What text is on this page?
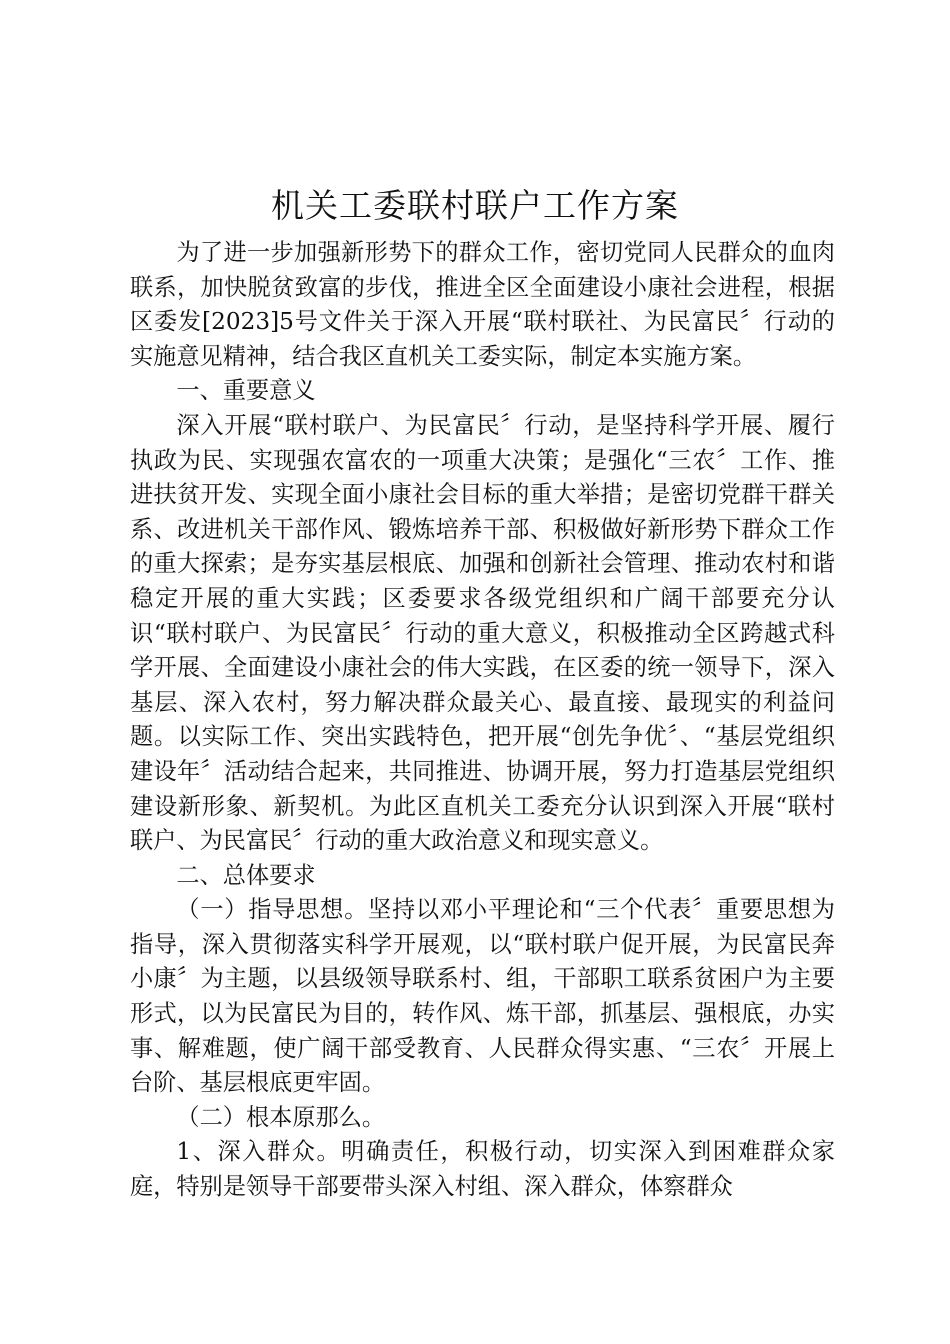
机关工委联村联户工作方案

为了进一步加强新形势下的群众工作，密切党同人民群众的血肉联系，加快脱贫致富的步伐，推进全区全面建设小康社会进程，根据区委发[2023]5号文件关于深入开展“联村联社、为民富民〞行动的实施意见精神，结合我区直机关工委实际，制定本实施方案。

一、重要意义

深入开展“联村联户、为民富民〞行动，是坚持科学开展、履行执政为民、实现强农富农的一项重大决策；是强化“三农〞工作、推进扶贫开发、实现全面小康社会目标的重大举措；是密切党群干群关系、改进机关干部作风、锻炼培养干部、积极做好新形势下群众工作的重大探索；是夯实基层根底、加强和创新社会管理、推动农村和谐稳定开展的重大实践；区委要求各级党组织和广阔干部要充分认识“联村联户、为民富民〞行动的重大意义，积极推动全区跨越式科学开展、全面建设小康社会的伟大实践，在区委的统一领导下，深入基层、深入农村，努力解决群众最关心、最直接、最现实的利益问题。以实际工作、突出实践特色，把开展“创先争优〞、“基层党组织建设年〞活动结合起来，共同推进、协调开展，努力打造基层党组织建设新形象、新契机。为此区直机关工委充分认识到深入开展“联村联户、为民富民〞行动的重大政治意义和现实意义。

二、总体要求

（一）指导思想。坚持以邓小平理论和“三个代表〞重要思想为指导，深入贯彻落实科学开展观，以“联村联户促开展，为民富民奔小康〞为主题，以县级领导联系村、组，干部职工联系贫困户为主要形式，以为民富民为目的，转作风、炼干部，抓基层、强根底，办实事、解难题，使广阔干部受教育、人民群众得实惠、“三农〞开展上台阶、基层根底更牢固。

（二）根本原那么。

1、深入群众。明确责任，积极行动，切实深入到困难群众家庭，特别是领导干部要带头深入村组、深入群众，体察群众
